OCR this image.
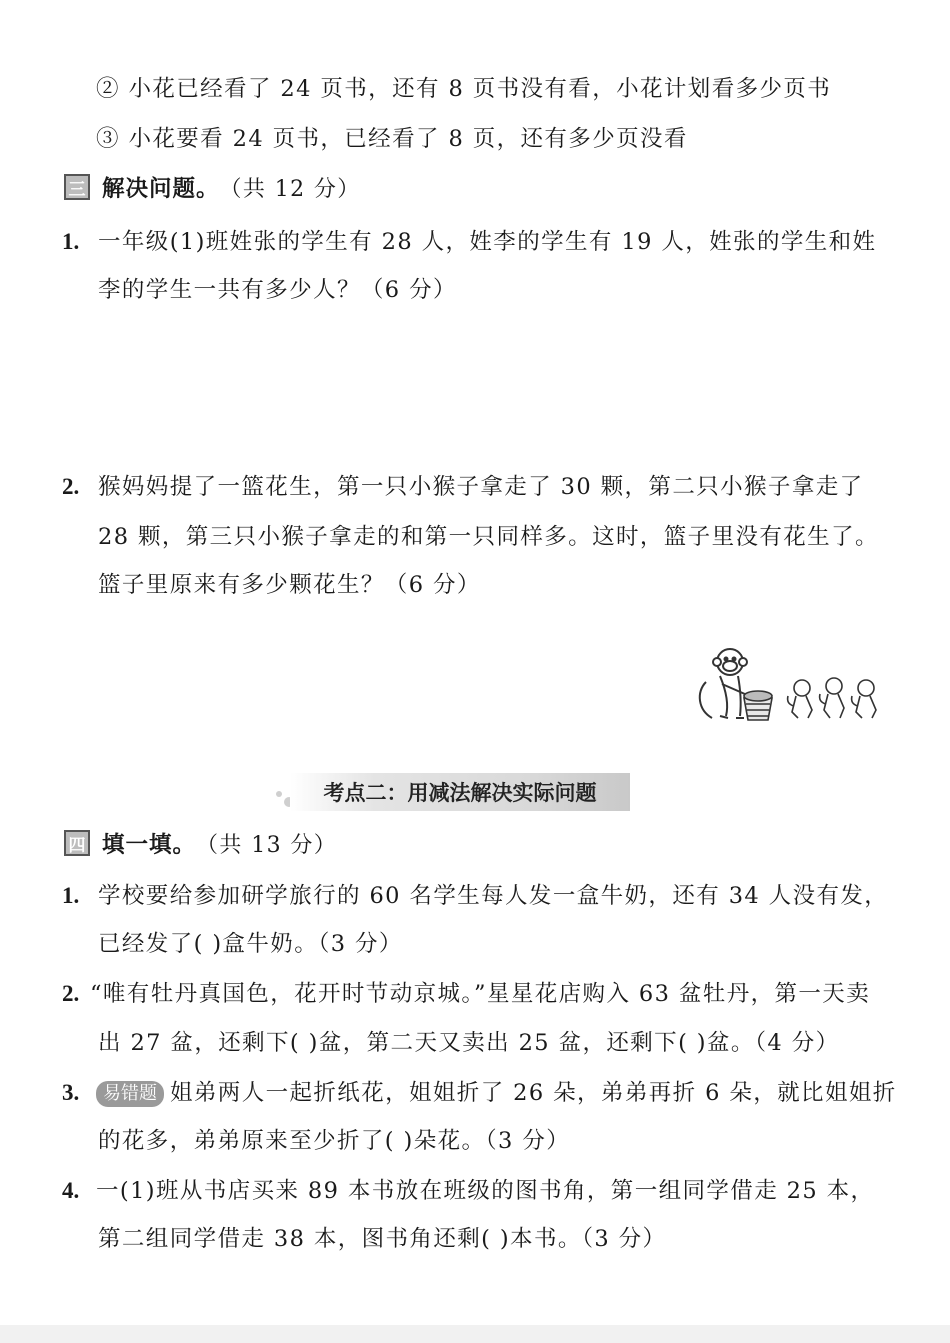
② 小花已经看了 24 页书，还有 8 页书没有看，小花计划看多少页书
③ 小花要看 24 页书，已经看了 8 页，还有多少页没看
三 解决问题。 （共 12 分）
1. 一年级(1)班姓张的学生有 28 人，姓李的学生有 19 人，姓张的学生和姓
李的学生一共有多少人？（6 分）
2. 猴妈妈提了一篮花生，第一只小猴子拿走了 30 颗，第二只小猴子拿走了
28 颗，第三只小猴子拿走的和第一只同样多。这时，篮子里没有花生了。
篮子里原来有多少颗花生？（6 分）
考点二：用减法解决实际问题
四 填一填。 （共 13 分）
1. 学校要给参加研学旅行的 60 名学生每人发一盒牛奶，还有 34 人没有发，
已经发了( )盒牛奶。（3 分）
2. “唯有牡丹真国色，花开时节动京城。”星星花店购入 63 盆牡丹，第一天卖
出 27 盆，还剩下( )盆，第二天又卖出 25 盆，还剩下( )盆。（4 分）
3.	易错题 姐弟两人一起折纸花，姐姐折了 26 朵，弟弟再折 6 朵，就比姐姐折
的花多，弟弟原来至少折了( )朵花。（3 分）
4. 一(1)班从书店买来 89 本书放在班级的图书角，第一组同学借走 25 本，
第二组同学借走 38 本，图书角还剩( )本书。（3 分）
